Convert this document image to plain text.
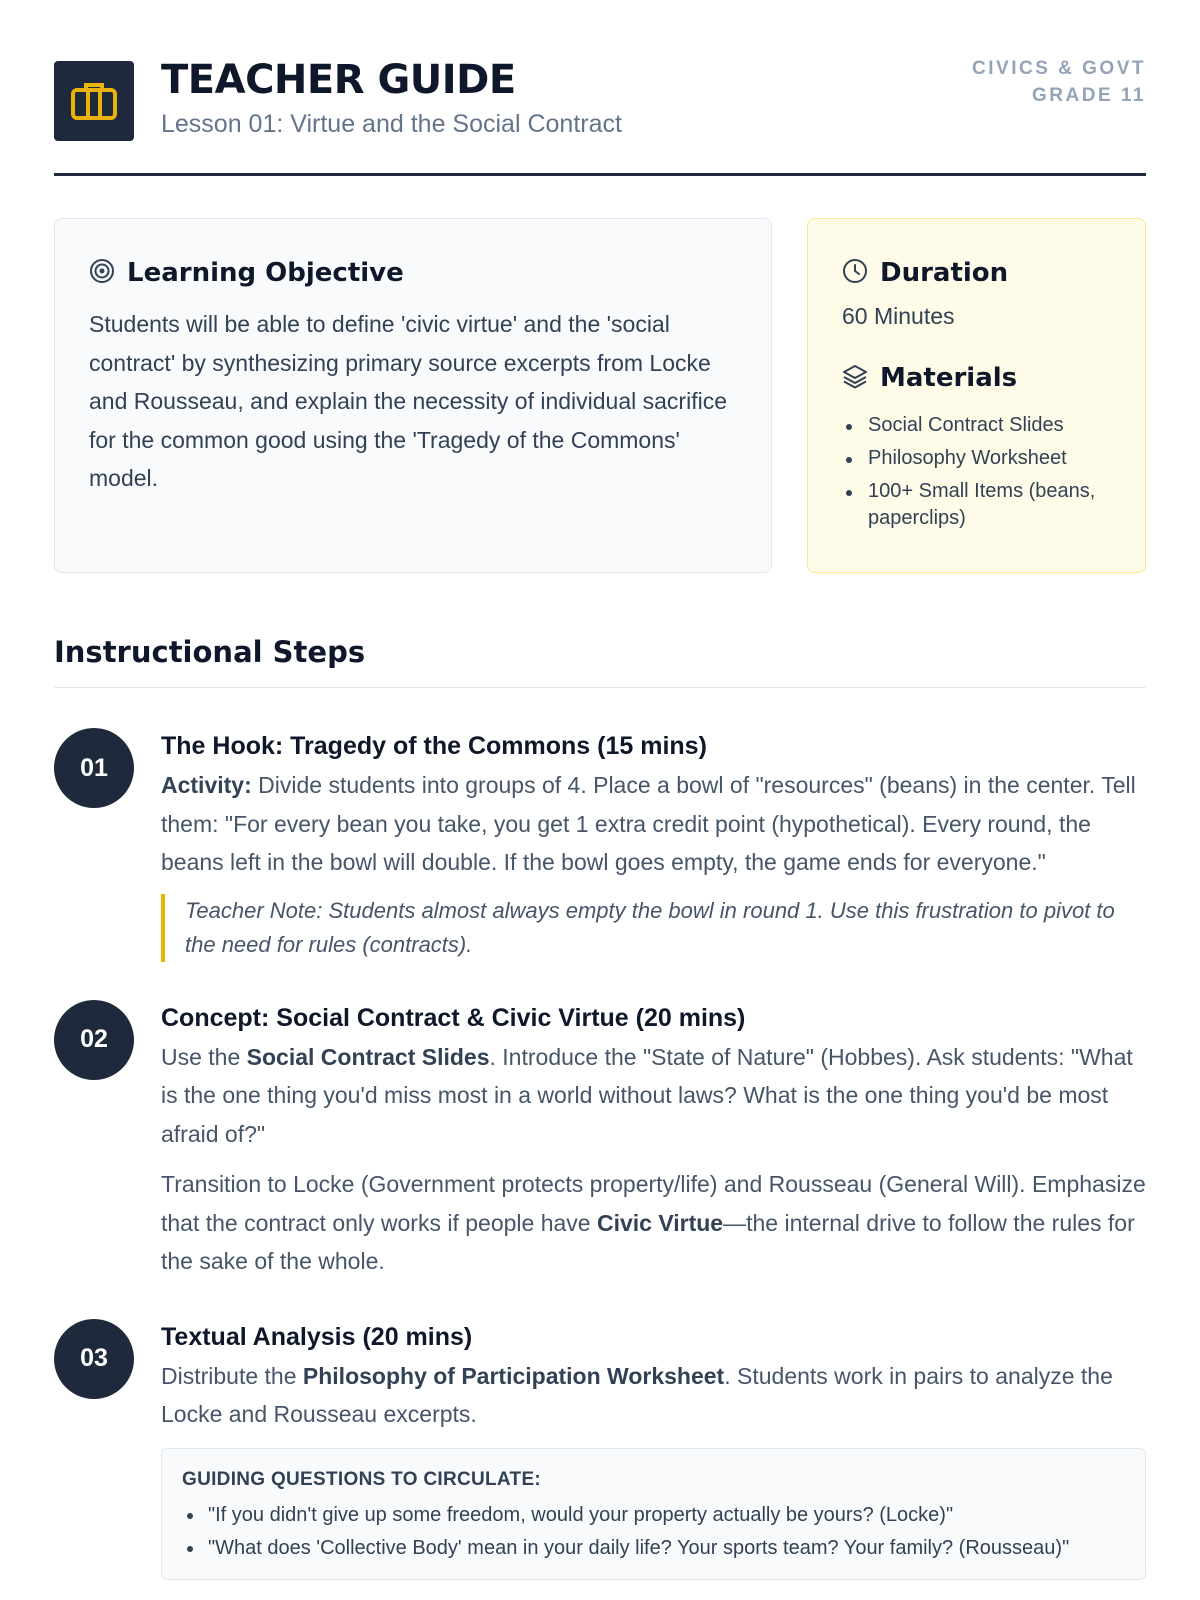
TEACHER GUIDE
Lesson 01: Virtue and the Social Contract
CIVICS & GOVT
GRADE 11
Learning Objective
Students will be able to define 'civic virtue' and the 'social contract' by synthesizing primary source excerpts from Locke and Rousseau, and explain the necessity of individual sacrifice for the common good using the 'Tragedy of the Commons' model.
Duration
60 Minutes
Materials
Social Contract Slides
Philosophy Worksheet
100+ Small Items (beans, paperclips)
Instructional Steps
01
The Hook: Tragedy of the Commons (15 mins)

Activity: Divide students into groups of 4. Place a bowl of "resources" (beans) in the center. Tell them: "For every bean you take, you get 1 extra credit point (hypothetical). Every round, the beans left in the bowl will double. If the bowl goes empty, the game ends for everyone."

Teacher Note: Students almost always empty the bowl in round 1. Use this frustration to pivot to the need for rules (contracts).
02
Concept: Social Contract & Civic Virtue (20 mins)

Use the Social Contract Slides. Introduce the "State of Nature" (Hobbes). Ask students: "What is the one thing you'd miss most in a world without laws? What is the one thing you'd be most afraid of?"

Transition to Locke (Government protects property/life) and Rousseau (General Will). Emphasize that the contract only works if people have Civic Virtue—the internal drive to follow the rules for the sake of the whole.

03
Textual Analysis (20 mins)

Distribute the Philosophy of Participation Worksheet. Students work in pairs to analyze the Locke and Rousseau excerpts.

GUIDING QUESTIONS TO CIRCULATE:
"If you didn't give up some freedom, would your property actually be yours? (Locke)"
"What does 'Collective Body' mean in your daily life? Your sports team? Your family? (Rousseau)"
